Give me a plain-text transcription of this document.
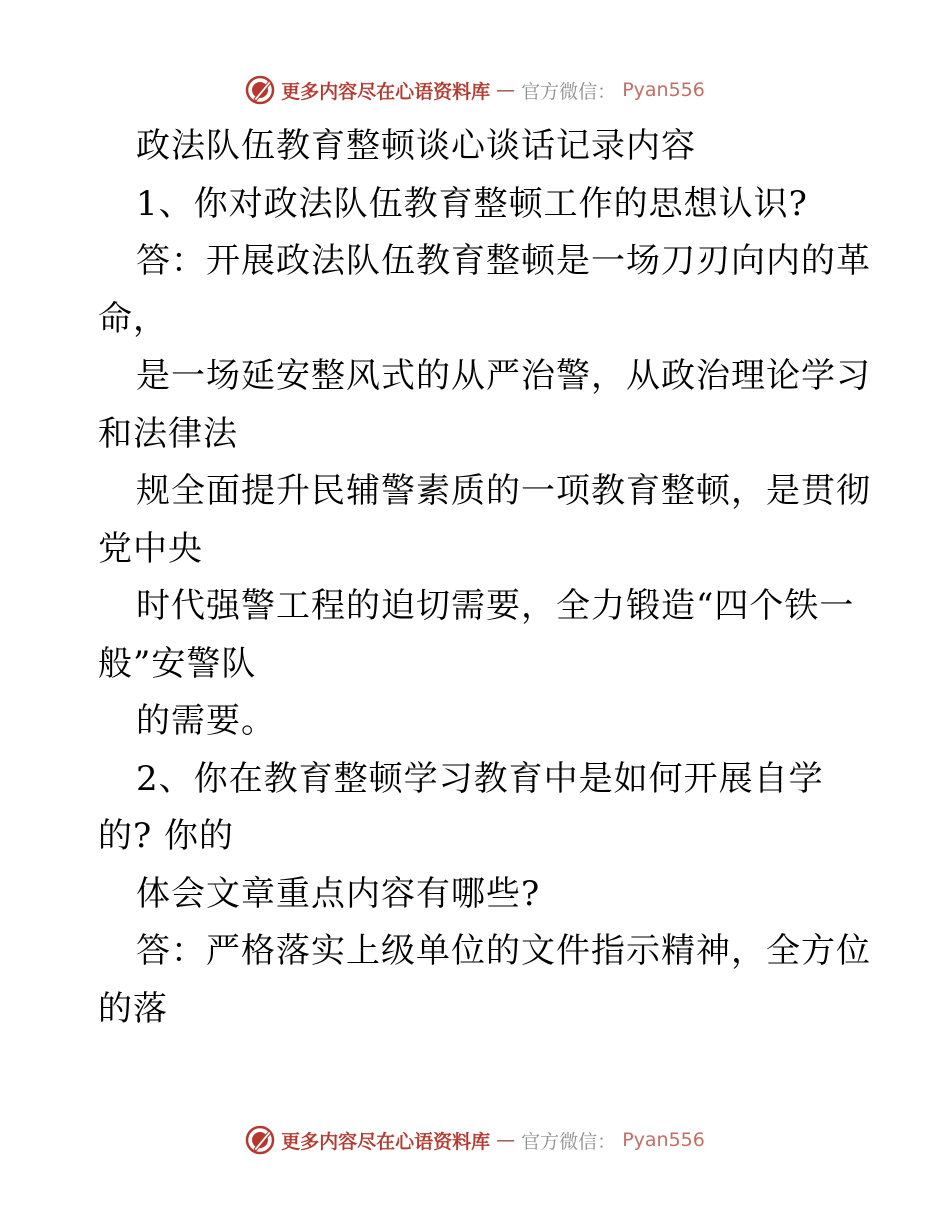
更多内容尽在心语资料库 — 官方微信： Pyan556
政法队伍教育整顿谈心谈话记录内容
1、你对政法队伍教育整顿工作的思想认识?
答：开展政法队伍教育整顿是一场刀刃向内的革
命，
是一场延安整风式的从严治警，从政治理论学习
和法律法
规全面提升民辅警素质的一项教育整顿，是贯彻
党中央
时代强警工程的迫切需要，全力锻造“四个铁一
般”安警队
的需要。
2、你在教育整顿学习教育中是如何开展自学
的? 你的
体会文章重点内容有哪些?
答：严格落实上级单位的文件指示精神，全方位
的落
更多内容尽在心语资料库 — 官方微信： Pyan556
